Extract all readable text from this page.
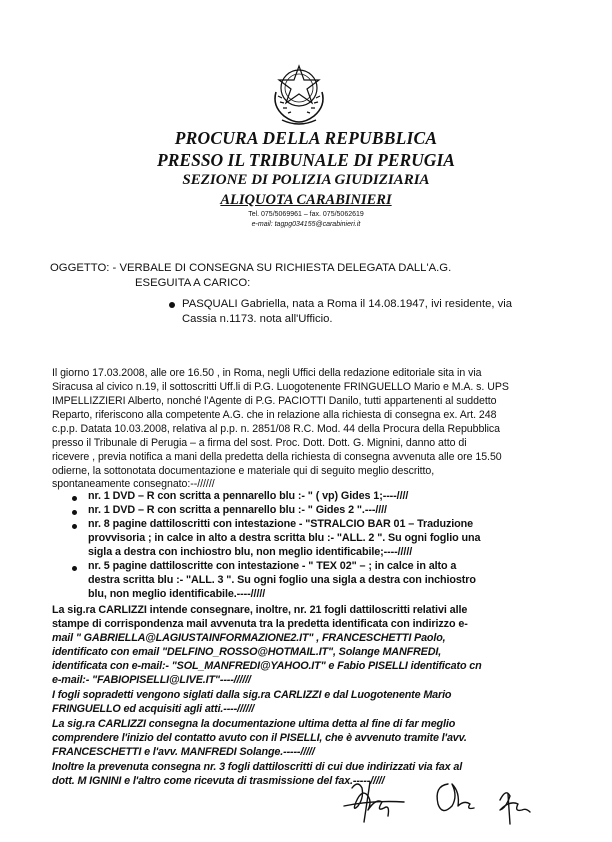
PROCURA DELLA REPUBBLICA
PRESSO IL TRIBUNALE DI PERUGIA
SEZIONE DI POLIZIA GIUDIZIARIA
ALIQUOTA CARABINIERI
Tel. 075/5069961 – fax. 075/5062619
e-mail: tagpg034155@carabinieri.it
OGGETTO: - VERBALE DI CONSEGNA SU RICHIESTA DELEGATA DALL'A.G.
ESEGUITA A CARICO:
PASQUALI Gabriella, nata a Roma il 14.08.1947, ivi residente, via
Cassia n.1173. nota all'Ufficio.
Il giorno 17.03.2008, alle ore 16.50 , in Roma, negli Uffici della redazione editoriale sita in via
Siracusa al civico n.19, il sottoscritti Uff.li di P.G. Luogotenente FRINGUELLO Mario e M.A. s. UPS
IMPELLIZZIERI Alberto, nonché l'Agente di P.G. PACIOTTI Danilo, tutti appartenenti al suddetto
Reparto, riferiscono alla competente A.G. che in relazione alla richiesta di consegna ex. Art. 248
c.p.p. Datata 10.03.2008, relativa al p.p. n. 2851/08 R.C. Mod. 44 della Procura della Repubblica
presso il Tribunale di Perugia – a firma del sost. Proc. Dott. Dott. G. Mignini, danno atto di
ricevere , previa notifica a mani della predetta della richiesta di consegna avvenuta alle ore 15.50
odierne, la sottonotata documentazione e materiale qui di seguito meglio descritto,
spontaneamente consegnato:--//////
nr. 1 DVD – R con scritta a pennarello blu :- " ( vp) Gides 1;----////
nr. 1 DVD – R con scritta a pennarello blu :- " Gides 2 ".---////
nr. 8 pagine dattiloscritti con intestazione - "STRALCIO BAR 01 – Traduzione
provvisoria ; in calce in alto a destra scritta blu :- "ALL. 2 ". Su ogni foglio una
sigla a destra con inchiostro blu, non meglio identificabile;----/////
nr. 5 pagine dattiloscritte con intestazione - " TEX 02" – ; in calce in alto a
destra scritta blu :- "ALL. 3 ". Su ogni foglio una sigla a destra con inchiostro
blu, non meglio identificabile.----/////
La sig.ra CARLIZZI intende consegnare, inoltre, nr. 21 fogli dattiloscritti relativi alle
stampe di corrispondenza mail avvenuta tra la predetta identificata con indirizzo e-
mail " GABRIELLA@LAGIUSTAINFORMAZIONE2.IT" , FRANCESCHETTI Paolo,
identificato con email "DELFINO_ROSSO@HOTMAIL.IT", Solange MANFREDI,
identificata con e-mail:- "SOL_MANFREDI@YAHOO.IT" e Fabio PISELLI identificato cn
e-mail:- "FABIOPISELLI@LIVE.IT"----//////
I fogli sopradetti vengono siglati dalla sig.ra CARLIZZI e dal Luogotenente Mario
FRINGUELLO ed acquisiti agli atti.----//////
La sig.ra CARLIZZI consegna la documentazione ultima detta al fine di far meglio
comprendere l'inizio del contatto avuto con il PISELLI, che è avvenuto tramite l'avv.
FRANCESCHETTI e l'avv. MANFREDI Solange.-----/////
Inoltre la prevenuta consegna nr. 3 fogli dattiloscritti di cui due indirizzati via fax al
dott. M IGNINI e l'altro come ricevuta di trasmissione del fax.-----/////
